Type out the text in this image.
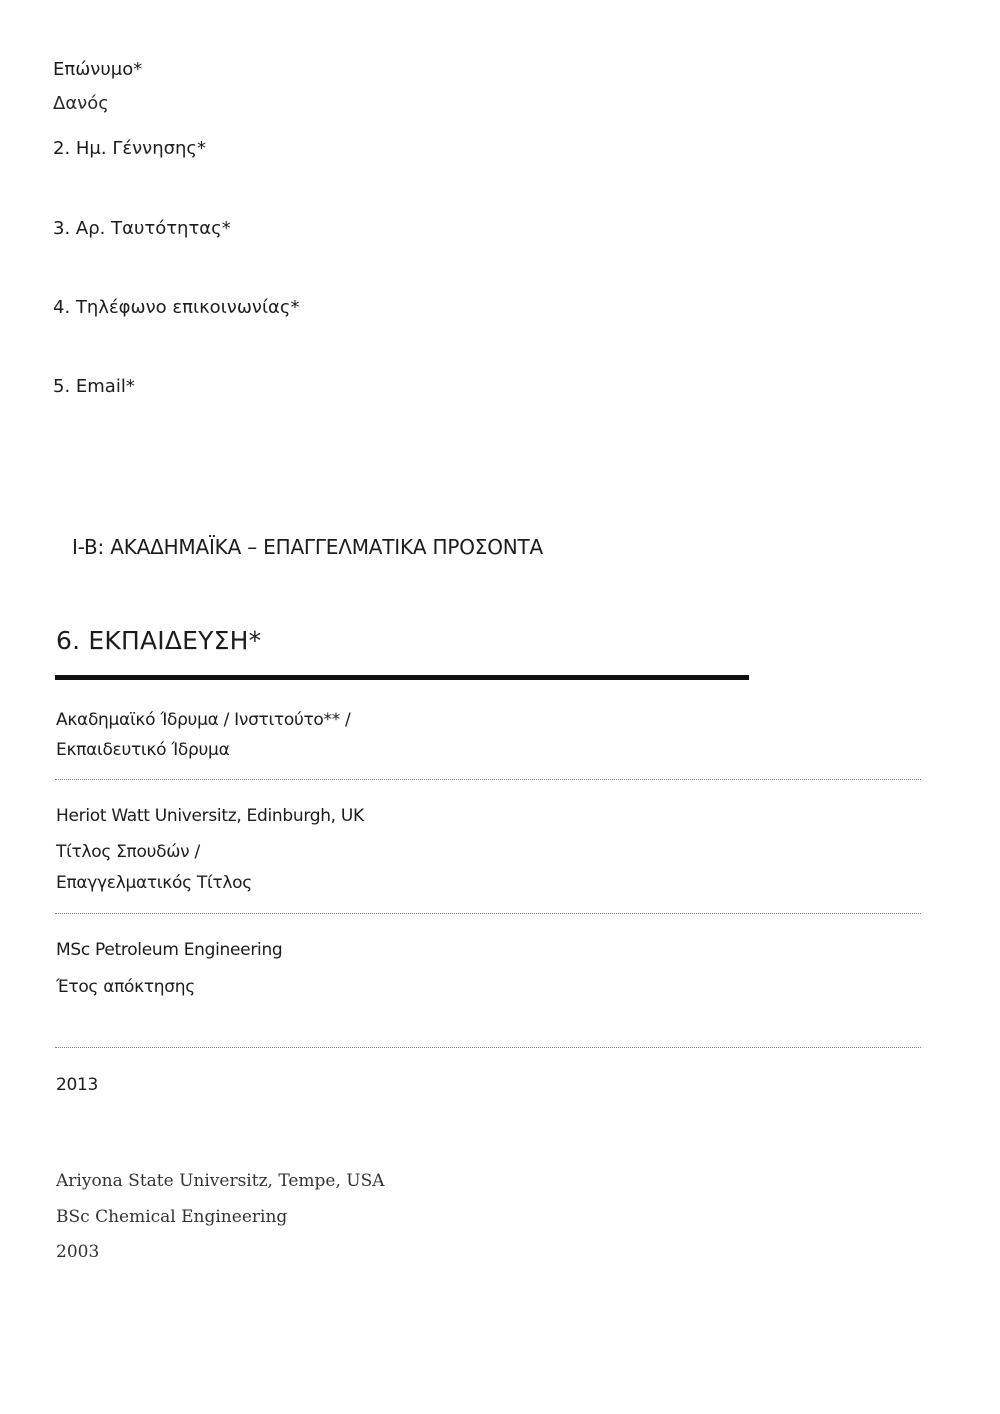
Επώνυμο*
Δανός
2. Ημ. Γέννησης*
3. Αρ. Ταυτότητας*
4. Τηλέφωνο επικοινωνίας*
5. Email*
I-B: ΑΚΑΔΗΜΑΪΚΑ – ΕΠΑΓΓΕΛΜΑΤΙΚΑ ΠΡΟΣΟΝΤΑ
6. ΕΚΠΑΙΔΕΥΣΗ*
Ακαδημαϊκό Ίδρυμα / Ινστιτούτο** /
Εκπαιδευτικό Ίδρυμα
Heriot Watt Universitz, Edinburgh, UK
Τίτλος Σπουδών /
Επαγγελματικός Τίτλος
MSc Petroleum Engineering
Έτος απόκτησης
2013
Ariyona State Universitz, Tempe, USA
BSc Chemical Engineering
2003
